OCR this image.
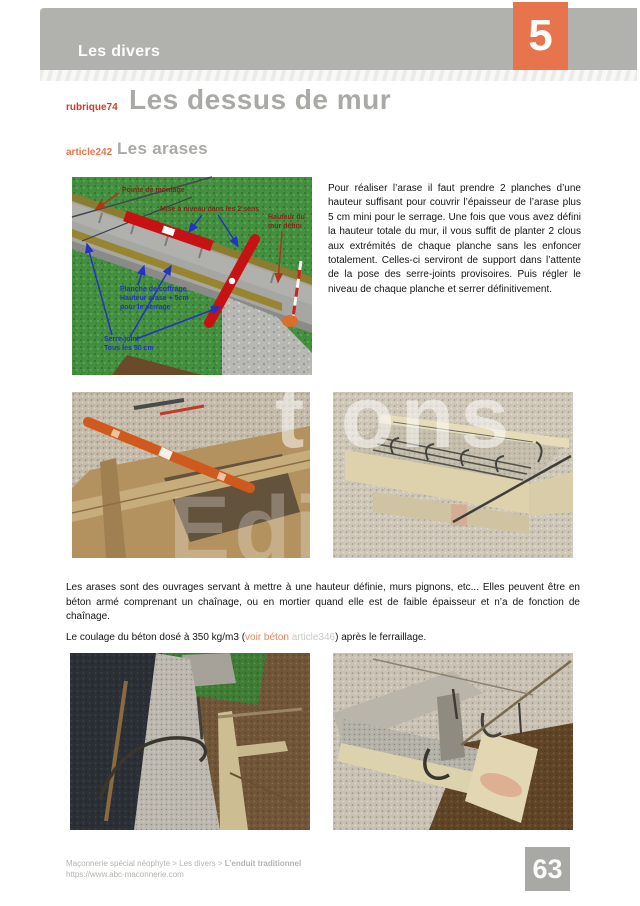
Les divers	5
rubrique74 Les dessus de mur
article242 Les arases
Pointe de montage
Mise à niveau dans les 2 sens
Hauteur du
mur défini
Planche de coffrage
Hauteur arase + 5cm
pour le serrage
Serre-joint
Tous les 50 cm

Pour réaliser l’arase il faut prendre 2 planches d’une hauteur suffisant pour couvrir l’épaisseur de l’arase plus 5 cm mini pour le serrage. Une fois que vous avez défini la hauteur totale du mur, il vous suffit de planter 2 clous aux extrémités de chaque planche sans les enfoncer totalement. Celles-ci serviront de support dans l’attente de la pose des serre-joints provisoires. Puis régler le niveau de chaque planche et serrer définitivement.

Edi
tions

Les arases sont des ouvrages servant à mettre à une hauteur définie, murs pignons, etc... Elles peuvent être en béton armé comprenant un chaînage, ou en mortier quand elle est de faible épaisseur et n’a de fonction de chaînage.

Le coulage du béton dosé à 350 kg/m3 (voir béton article346) après le ferraillage.

Maçonnerie spécial néophyte > Les divers > L’enduit traditionnel
https://www.abc-maconnerie.com	63
